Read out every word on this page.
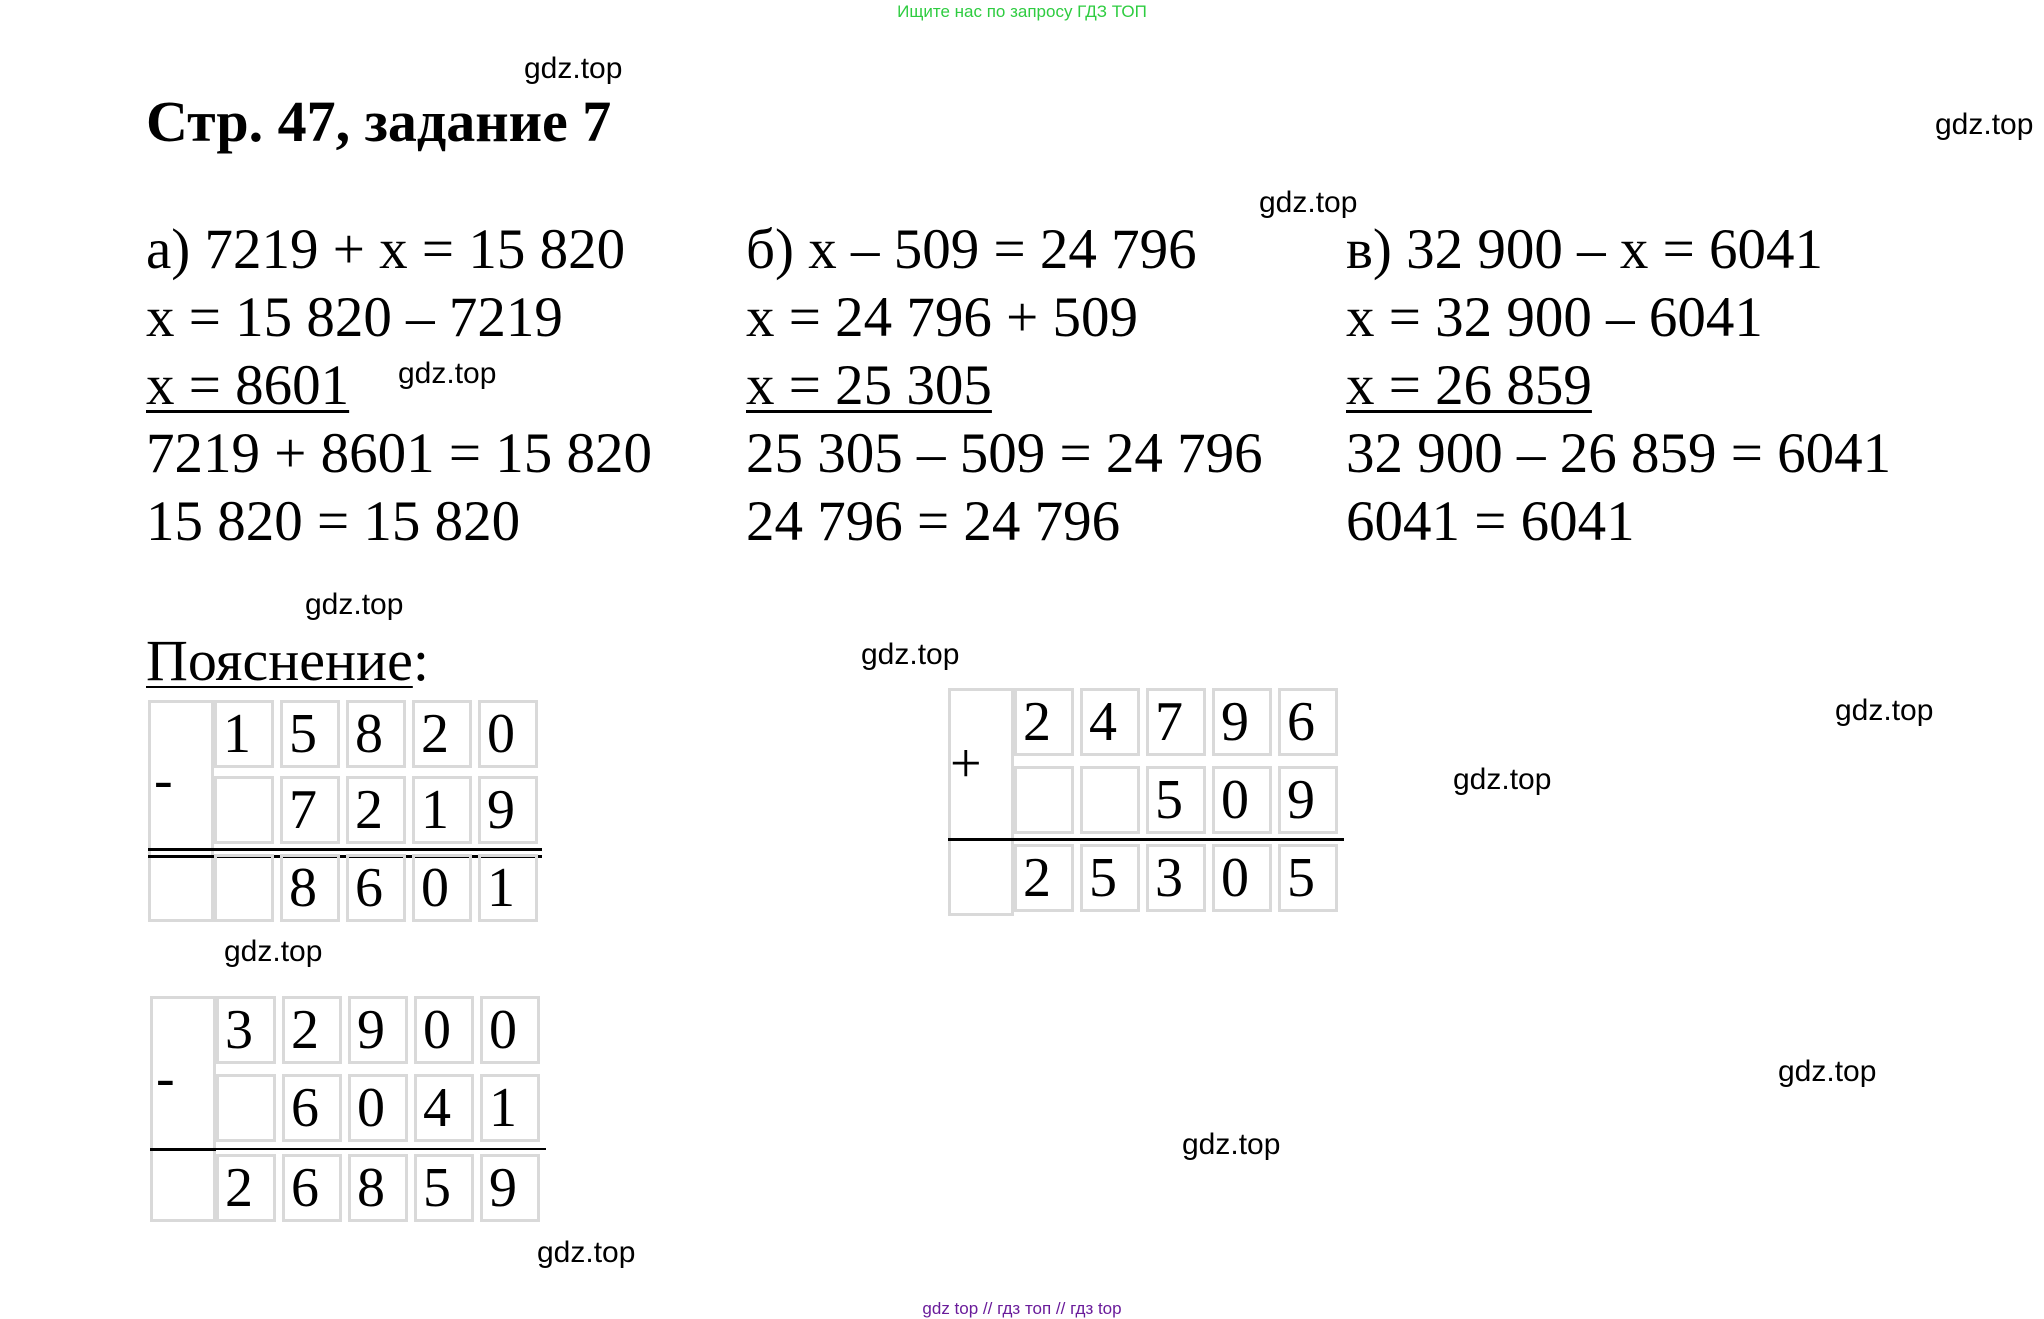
Ищите нас по запросу ГДЗ ТОП
gdz.top
gdz.top
gdz.top
gdz.top
gdz.top
gdz.top
gdz.top
gdz.top
gdz.top
gdz.top
gdz.top
gdz.top
Стр. 47, задание 7
а) 7219 + x = 15 820
x = 15 820 – 7219
x = 8601
7219 + 8601 = 15 820
15 820 = 15 820
б) x – 509 = 24 796
x = 24 796 + 509
x = 25 305
25 305 – 509 = 24 796
24 796 = 24 796
в) 32 900 – x = 6041
x = 32 900 – 6041
x = 26 859
32 900 – 26 859 = 6041
6041 = 6041
Пояснение:
-
1 5 8 2 0
7 2 1 9
8 6 0 1
+
2 4 7 9 6
5 0 9
2 5 3 0 5
-
3 2 9 0 0
6 0 4 1
2 6 8 5 9
gdz top // гдз топ // гдз top
